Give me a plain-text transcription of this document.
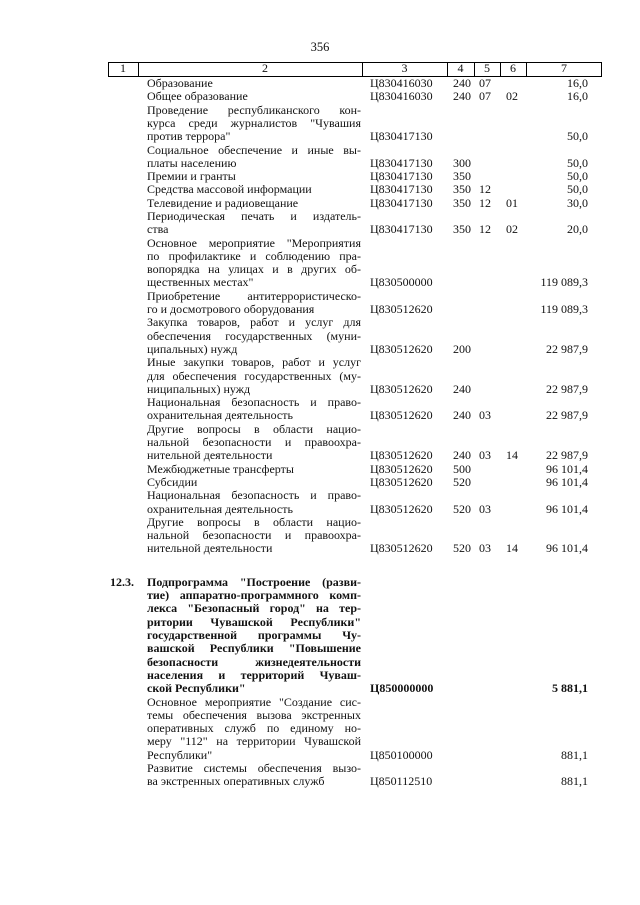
356
1	2	3	4	5	6	7
Образование	Ц830416030 240 07	16,0
Общее образование	Ц830416030 240 07 02	16,0
Проведение республиканского кон-
курса среди журналистов "Чувашия
против террора"	Ц830417130	50,0
Социальное обеспечение и иные вы-
платы населению	Ц830417130 300	50,0
Премии и гранты	Ц830417130 350	50,0
Средства массовой информации	Ц830417130 350 12	50,0
Телевидение и радиовещание	Ц830417130 350 12 01	30,0
Периодическая печать и издатель-
ства	Ц830417130 350 12 02	20,0
Основное мероприятие "Мероприятия
по профилактике и соблюдению пра-
вопорядка на улицах и в других об-
щественных местах"	Ц830500000	119 089,3
Приобретение антитеррористическо-
го и досмотрового оборудования	Ц830512620	119 089,3
Закупка товаров, работ и услуг для
обеспечения государственных (муни-
ципальных) нужд	Ц830512620 200	22 987,9
Иные закупки товаров, работ и услуг
для обеспечения государственных (му-
ниципальных) нужд	Ц830512620 240	22 987,9
Национальная безопасность и право-
охранительная деятельность	Ц830512620 240 03	22 987,9
Другие вопросы в области нацио-
нальной безопасности и правоохра-
нительной деятельности	Ц830512620 240 03 14	22 987,9
Межбюджетные трансферты	Ц830512620 500	96 101,4
Субсидии	Ц830512620 520	96 101,4
Национальная безопасность и право-
охранительная деятельность	Ц830512620 520 03	96 101,4
Другие вопросы в области нацио-
нальной безопасности и правоохра-
нительной деятельности	Ц830512620 520 03 14	96 101,4
12.3.	Подпрограмма "Построение (разви-
тие) аппаратно-программного комп-
лекса "Безопасный город" на тер-
ритории Чувашской Республики"
государственной программы Чу-
вашской Республики "Повышение
безопасности жизнедеятельности
населения и территорий Чуваш-
ской Республики"	Ц850000000	5 881,1
Основное мероприятие "Создание сис-
темы обеспечения вызова экстренных
оперативных служб по единому но-
меру "112" на территории Чувашской
Республики"	Ц850100000	881,1
Развитие системы обеспечения вызо-
ва экстренных оперативных служб	Ц850112510	881,1
